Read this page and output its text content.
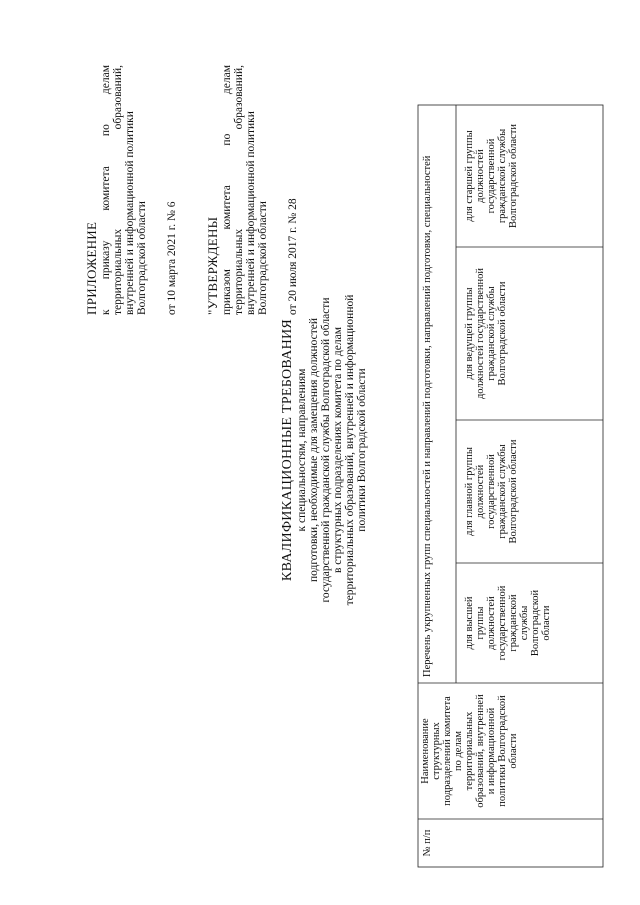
ПРИЛОЖЕНИЕ к приказу комитета по делам территориальных образований, внутренней и информационной политики Волгоградской области от 10 марта 2021 г. № 6 "УТВЕРЖДЕНЫ приказом комитета по делам территориальных образований, внутренней и информационной политики Волгоградской области от 20 июля 2017 г. № 28
КВАЛИФИКАЦИОННЫЕ ТРЕБОВАНИЯ к специальностям, направлениям подготовки, необходимые для замещения должностей государственной гражданской службы Волгоградской области в структурных подразделениях комитета по делам территориальных образований, внутренней и информационной политики Волгоградской области
№ п/п
Наименование структурных подразделений комитета по делам территориальных образований, внутренней и информационной политики Волгоградской области
Перечень укрупненных групп специальностей и направлений подготовки, направлений подготовки, специальностей	для высшей группы должностей государственной гражданской службы Волгоградской области
для главной группы должностей государственной гражданской службы Волгоградской области
для ведущей группы должностей государственной гражданской службы Волгоградской области
для старшей группы должностей государственной гражданской службы Волгоградской области
